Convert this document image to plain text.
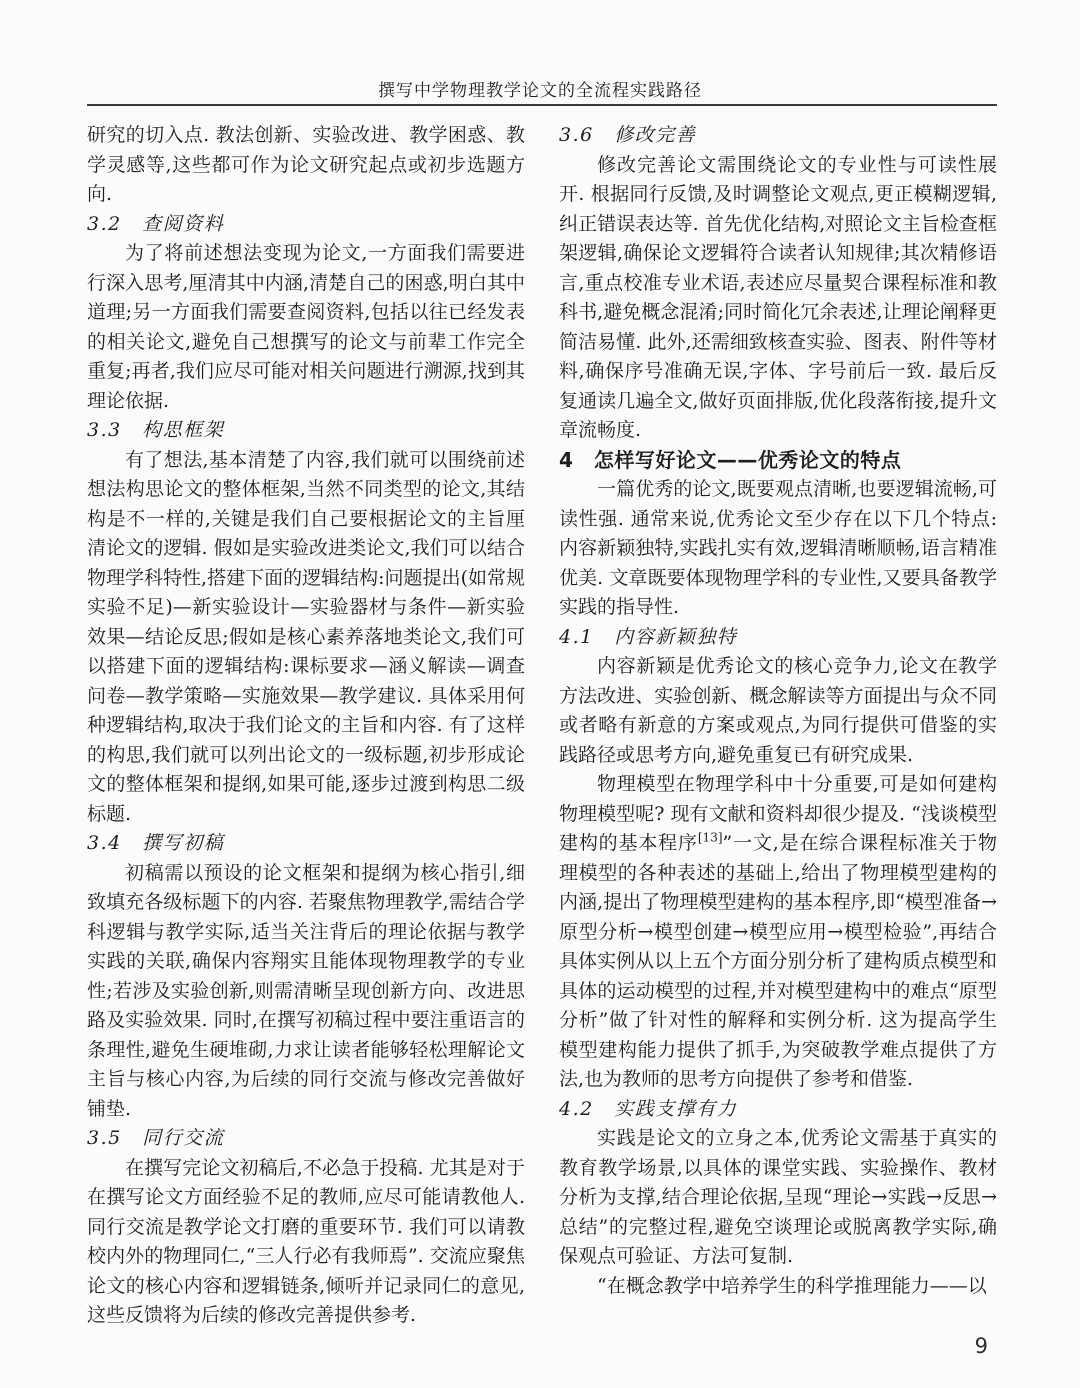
撰写中学物理教学论文的全流程实践路径
研究的切入点. 教法创新、实验改进、教学困惑、教学灵感等,这些都可作为论文研究起点或初步选题方向.
3.2　查阅资料
为了将前述想法变现为论文,一方面我们需要进行深入思考,厘清其中内涵,清楚自己的困惑,明白其中道理;另一方面我们需要查阅资料,包括以往已经发表的相关论文,避免自己想撰写的论文与前辈工作完全重复;再者,我们应尽可能对相关问题进行溯源,找到其理论依据.
3.3　构思框架
有了想法,基本清楚了内容,我们就可以围绕前述想法构思论文的整体框架,当然不同类型的论文,其结构是不一样的,关键是我们自己要根据论文的主旨厘清论文的逻辑. 假如是实验改进类论文,我们可以结合物理学科特性,搭建下面的逻辑结构:问题提出(如常规实验不足)—新实验设计—实验器材与条件—新实验效果—结论反思;假如是核心素养落地类论文,我们可以搭建下面的逻辑结构:课标要求—涵义解读—调查问卷—教学策略—实施效果—教学建议. 具体采用何种逻辑结构,取决于我们论文的主旨和内容. 有了这样的构思,我们就可以列出论文的一级标题,初步形成论文的整体框架和提纲,如果可能,逐步过渡到构思二级标题.
3.4　撰写初稿
初稿需以预设的论文框架和提纲为核心指引,细致填充各级标题下的内容. 若聚焦物理教学,需结合学科逻辑与教学实际,适当关注背后的理论依据与教学实践的关联,确保内容翔实且能体现物理教学的专业性;若涉及实验创新,则需清晰呈现创新方向、改进思路及实验效果. 同时,在撰写初稿过程中要注重语言的条理性,避免生硬堆砌,力求让读者能够轻松理解论文主旨与核心内容,为后续的同行交流与修改完善做好铺垫.
3.5　同行交流
在撰写完论文初稿后,不必急于投稿. 尤其是对于在撰写论文方面经验不足的教师,应尽可能请教他人. 同行交流是教学论文打磨的重要环节. 我们可以请教校内外的物理同仁,“三人行必有我师焉”. 交流应聚焦论文的核心内容和逻辑链条,倾听并记录同仁的意见,这些反馈将为后续的修改完善提供参考.
3.6　修改完善
修改完善论文需围绕论文的专业性与可读性展开. 根据同行反馈,及时调整论文观点,更正模糊逻辑,纠正错误表达等. 首先优化结构,对照论文主旨检查框架逻辑,确保论文逻辑符合读者认知规律;其次精修语言,重点校准专业术语,表述应尽量契合课程标准和教科书,避免概念混淆;同时简化冗余表述,让理论阐释更简洁易懂. 此外,还需细致核查实验、图表、附件等材料,确保序号准确无误,字体、字号前后一致. 最后反复通读几遍全文,做好页面排版,优化段落衔接,提升文章流畅度.
4　怎样写好论文——优秀论文的特点
一篇优秀的论文,既要观点清晰,也要逻辑流畅,可读性强. 通常来说,优秀论文至少存在以下几个特点:内容新颖独特,实践扎实有效,逻辑清晰顺畅,语言精准优美. 文章既要体现物理学科的专业性,又要具备教学实践的指导性.
4.1　内容新颖独特
内容新颖是优秀论文的核心竞争力,论文在教学方法改进、实验创新、概念解读等方面提出与众不同或者略有新意的方案或观点,为同行提供可借鉴的实践路径或思考方向,避免重复已有研究成果.
物理模型在物理学科中十分重要,可是如何建构物理模型呢? 现有文献和资料却很少提及. “浅谈模型建构的基本程序[13]”一文,是在综合课程标准关于物理模型的各种表述的基础上,给出了物理模型建构的内涵,提出了物理模型建构的基本程序,即“模型准备→原型分析→模型创建→模型应用→模型检验”,再结合具体实例从以上五个方面分别分析了建构质点模型和具体的运动模型的过程,并对模型建构中的难点“原型分析”做了针对性的解释和实例分析. 这为提高学生模型建构能力提供了抓手,为突破教学难点提供了方法,也为教师的思考方向提供了参考和借鉴.
4.2　实践支撑有力
实践是论文的立身之本,优秀论文需基于真实的教育教学场景,以具体的课堂实践、实验操作、教材分析为支撑,结合理论依据,呈现“理论→实践→反思→总结”的完整过程,避免空谈理论或脱离教学实际,确保观点可验证、方法可复制.
“在概念教学中培养学生的科学推理能力——以
9
